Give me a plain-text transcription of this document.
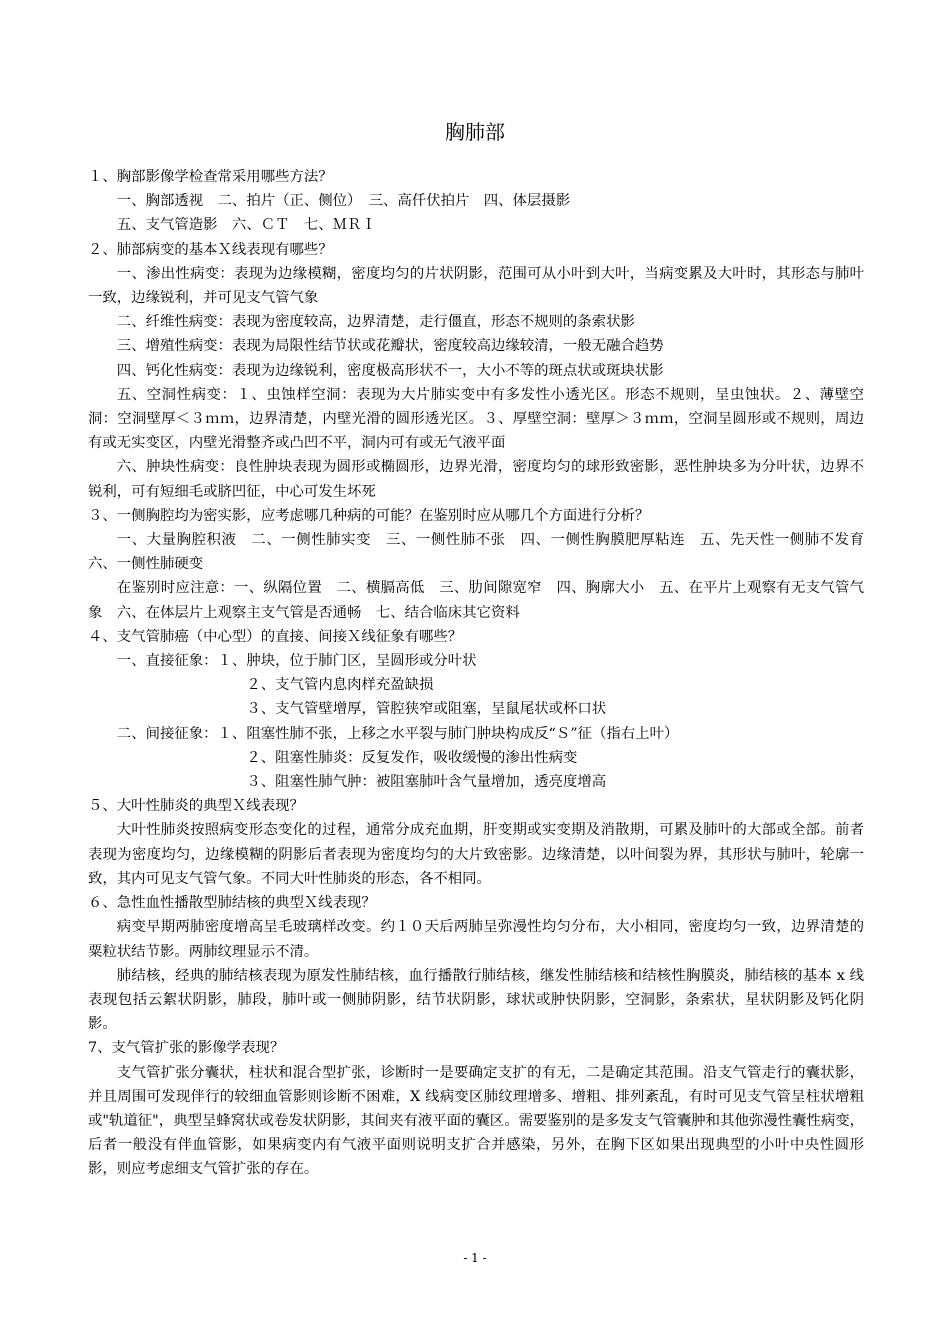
胸肺部

１、胸部影像学检查常采用哪些方法？

一、胸部透视　二、拍片（正、侧位）　三、高仟伏拍片　四、体层摄影

五、支气管造影　六、ＣＴ　七、ＭＲＩ

２、肺部病变的基本Ｘ线表现有哪些？

一、渗出性病变：表现为边缘模糊，密度均匀的片状阴影，范围可从小叶到大叶，当病变累及大叶时，其形态与肺叶一致，边缘锐利，并可见支气管气象

二、纤维性病变：表现为密度较高，边界清楚，走行僵直，形态不规则的条索状影

三、增殖性病变：表现为局限性结节状或花瓣状，密度较高边缘较清，一般无融合趋势

四、钙化性病变：表现为边缘锐利，密度极高形状不一，大小不等的斑点状或斑块状影

五、空洞性病变：１、虫蚀样空洞：表现为大片肺实变中有多发性小透光区。形态不规则，呈虫蚀状。２、薄壁空洞：空洞壁厚＜３ｍｍ，边界清楚，内壁光滑的圆形透光区。３、厚壁空洞：壁厚＞３ｍｍ，空洞呈圆形或不规则，周边有或无实变区，内壁光滑整齐或凸凹不平，洞内可有或无气液平面

六、肿块性病变：良性肿块表现为圆形或椭圆形，边界光滑，密度均匀的球形致密影，恶性肿块多为分叶状，边界不锐利，可有短细毛或脐凹征，中心可发生坏死

３、一侧胸腔均为密实影，应考虑哪几种病的可能？在鉴别时应从哪几个方面进行分析？

一、大量胸腔积液　二、一侧性肺实变　三、一侧性肺不张　四、一侧性胸膜肥厚粘连　五、先天性一侧肺不发育　六、一侧性肺硬变

在鉴别时应注意：一、纵隔位置　二、横膈高低　三、肋间隙宽窄　四、胸廓大小　五、在平片上观察有无支气管气象　六、在体层片上观察主支气管是否通畅　七、结合临床其它资料

４、支气管肺癌（中心型）的直接、间接Ｘ线征象有哪些？

一、直接征象：１、肿块，位于肺门区，呈圆形或分叶状

２、支气管内息肉样充盈缺损

３、支气管壁增厚，管腔狭窄或阻塞，呈鼠尾状或杯口状

二、间接征象：１、阻塞性肺不张，上移之水平裂与肺门肿块构成反“Ｓ”征（指右上叶）

２、阻塞性肺炎：反复发作，吸收缓慢的渗出性病变

３、阻塞性肺气肿：被阻塞肺叶含气量增加，透亮度增高

５、大叶性肺炎的典型Ｘ线表现？

大叶性肺炎按照病变形态变化的过程，通常分成充血期，肝变期或实变期及消散期，可累及肺叶的大部或全部。前者表现为密度均匀，边缘模糊的阴影后者表现为密度均匀的大片致密影。边缘清楚，以叶间裂为界，其形状与肺叶，轮廓一致，其内可见支气管气象。不同大叶性肺炎的形态，各不相同。

６、急性血性播散型肺结核的典型Ｘ线表现？

病变早期两肺密度增高呈毛玻璃样改变。约１０天后两肺呈弥漫性均匀分布，大小相同，密度均匀一致，边界清楚的粟粒状结节影。两肺纹理显示不清。

肺结核，经典的肺结核表现为原发性肺结核，血行播散行肺结核，继发性肺结核和结核性胸膜炎，肺结核的基本 x 线表现包括云絮状阴影，肺段，肺叶或一侧肺阴影，结节状阴影，球状或肿快阴影，空洞影，条索状，星状阴影及钙化阴影。

7、支气管扩张的影像学表现？

支气管扩张分囊状，柱状和混合型扩张，诊断时一是要确定支扩的有无，二是确定其范围。沿支气管走行的囊状影，并且周围可发现伴行的较细血管影则诊断不困难，X 线病变区肺纹理增多、增粗、排列紊乱，有时可见支气管呈柱状增粗或"轨道征"，典型呈蜂窝状或卷发状阴影，其间夹有液平面的囊区。需要鉴别的是多发支气管囊肿和其他弥漫性囊性病变，后者一般没有伴血管影，如果病变内有气液平面则说明支扩合并感染，另外，在胸下区如果出现典型的小叶中央性圆形影，则应考虑细支气管扩张的存在。

- 1 -
